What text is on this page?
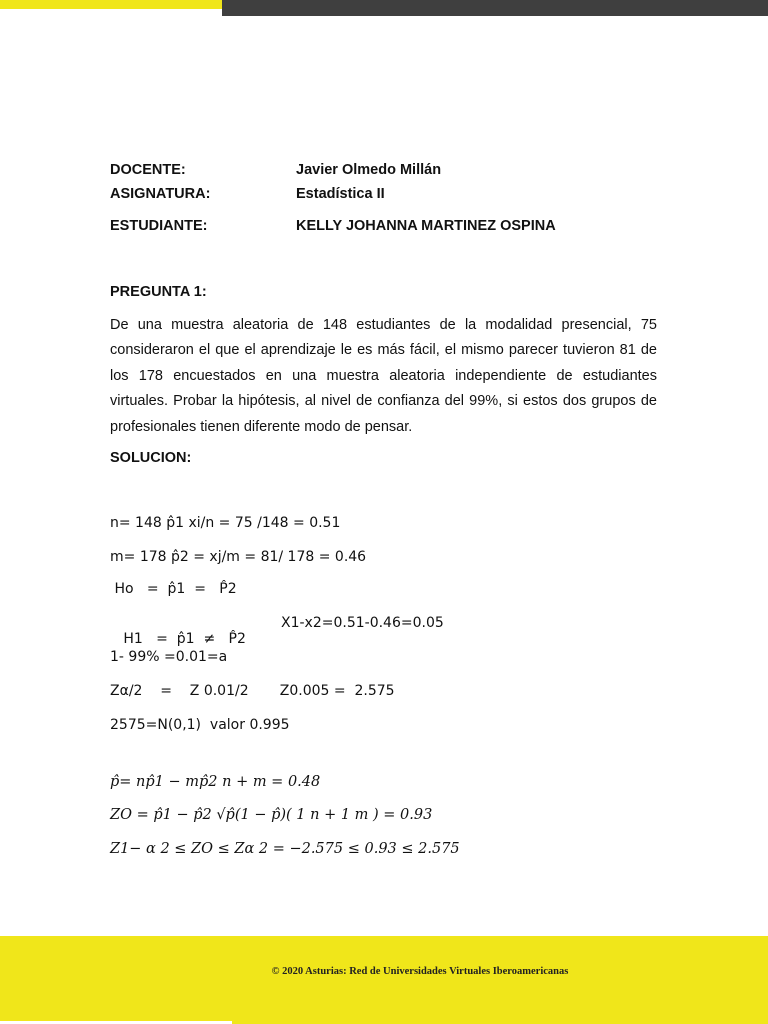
DOCENTE:	Javier Olmedo Millán
ASIGNATURA:	Estadística II
ESTUDIANTE:	KELLY JOHANNA MARTINEZ OSPINA
PREGUNTA 1:

De una muestra aleatoria de 148 estudiantes de la modalidad presencial, 75 consideraron el que el aprendizaje le es más fácil, el mismo parecer tuvieron 81 de los 178 encuestados en una muestra aleatoria independiente de estudiantes virtuales. Probar la hipótesis, al nivel de confianza del 99%, si estos dos grupos de profesionales tienen diferente modo de pensar.

SOLUCION:
n= 148 p̂1 xi/n = 75 /148 = 0.51
m= 178 p̂2 = xj/m = 81/ 178 = 0.46
Ho   =  p̂1  =   P̂2

H1   =  p̂1  ≠   P̂2

X1-x2=0.51-0.46=0.05

1- 99% =0.01=a
Zα/2    =    Z 0.01/2       Z0.005 =  2.575
2575=N(0,1)  valor 0.995
p̂= np̂1 − mp̂2 n + m = 0.48
ZO = p̂1 − p̂2 √p̂(1 − p̂)( 1 n + 1 m ) = 0.93
Z1− α 2 ≤ ZO ≤ Zα 2 = −2.575 ≤ 0.93 ≤ 2.575
© 2020 Asturias: Red de Universidades Virtuales Iberoamericanas
